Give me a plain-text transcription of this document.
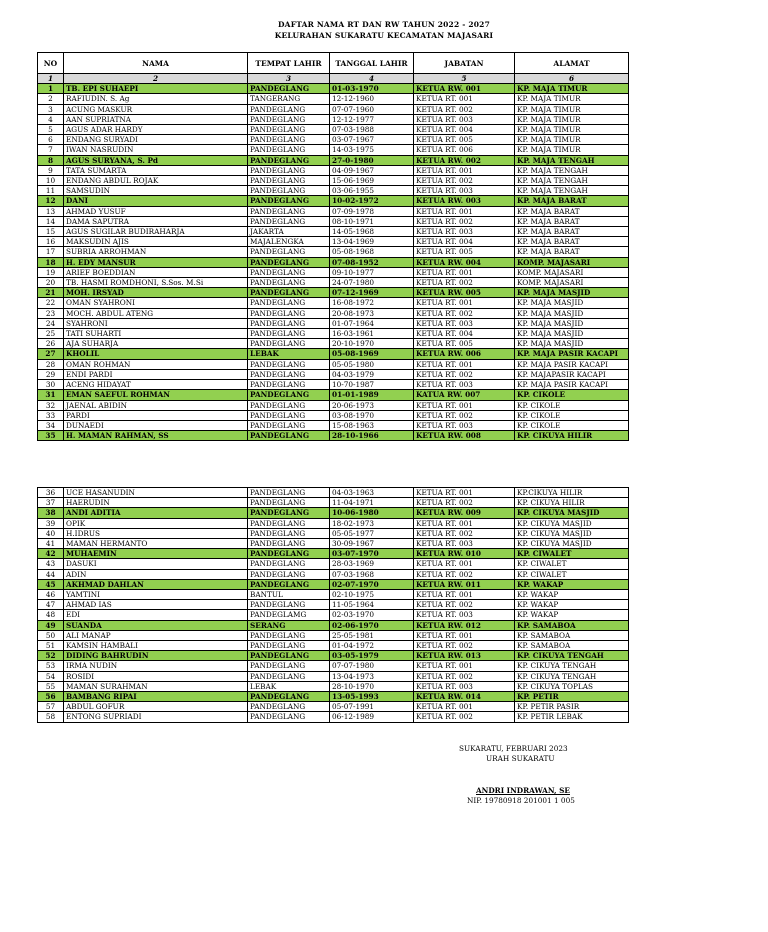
DAFTAR NAMA RT DAN RW TAHUN 2022 - 2027
KELURAHAN SUKARATU KECAMATAN MAJASARI
NO	NAMA	TEMPAT LAHIR	TANGGAL LAHIR	JABATAN	ALAMAT
1	2	3	4	5	6
1	TB. EPI SUHAEPI	PANDEGLANG	01-03-1970	KETUA RW. 001	KP. MAJA TIMUR
2	RAFIUDIN. S. Ag	TANGERANG	12-12-1960	KETUA RT. 001	KP. MAJA TIMUR
3	ACUNG MASKUR	PANDEGLANG	07-07-1960	KETUA RT. 002	KP. MAJA TIMUR
4	AAN SUPRIATNA	PANDEGLANG	12-12-1977	KETUA RT. 003	KP. MAJA TIMUR
5	AGUS ADAR HARDY	PANDEGLANG	07-03-1988	KETUA RT. 004	KP. MAJA TIMUR
6	ENDANG SURYADI	PANDEGLANG	03-07-1967	KETUA RT. 005	KP. MAJA TIMUR
7	IWAN NASRUDIN	PANDEGLANG	14-03-1975	KETUA RT. 006	KP. MAJA TIMUR
8	AGUS SURYANA, S. Pd	PANDEGLANG	27-0-1980	KETUA RW. 002	KP. MAJA TENGAH
9	TATA SUMARTA	PANDEGLANG	04-09-1967	KETUA RT. 001	KP. MAJA TENGAH
10	ENDANG ABDUL ROJAK	PANDEGLANG	15-06-1969	KETUA RT. 002	KP. MAJA TENGAH
11	SAMSUDIN	PANDEGLANG	03-06-1955	KETUA RT. 003	KP. MAJA TENGAH
12	DANI	PANDEGLANG	10-02-1972	KETUA RW. 003	KP. MAJA BARAT
13	AHMAD YUSUF	PANDEGLANG	07-09-1978	KETUA RT. 001	KP. MAJA BARAT
14	DAMA SAPUTRA	PANDEGLANG	08-10-1971	KETUA RT. 002	KP. MAJA BARAT
15	AGUS SUGILAR BUDIRAHARJA	JAKARTA	14-05-1968	KETUA RT. 003	KP. MAJA BARAT
16	MAKSUDIN AJIS	MAJALENGKA	13-04-1969	KETUA RT. 004	KP. MAJA BARAT
17	SUBRIA ARROHMAN	PANDEGLANG	05-08-1968	KETUA RT. 005	KP. MAJA BARAT
18	H. EDY MANSUR	PANDEGLANG	07-08-1952	KETUA RW. 004	KOMP. MAJASARI
19	ARIEF BOEDDIAN	PANDEGLANG	09-10-1977	KETUA RT. 001	KOMP. MAJASARI
20	TB. HASMI ROMDHONI, S.Sos. M.Si	PANDEGLANG	24-07-1980	KETUA RT. 002	KOMP. MAJASARI
21	MOH. IRSYAD	PANDEGLANG	07-12-1969	KETUA RW. 005	KP. MAJA MASJID
22	OMAN SYAHRONI	PANDEGLANG	16-08-1972	KETUA RT. 001	KP. MAJA MASJID
23	MOCH. ABDUL ATENG	PANDEGLANG	20-08-1973	KETUA RT. 002	KP. MAJA MASJID
24	SYAHRONI	PANDEGLANG	01-07-1964	KETUA RT. 003	KP. MAJA MASJID
25	TATI SUHARTI	PANDEGLANG	16-03-1961	KETUA RT. 004	KP. MAJA MASJID
26	AJA SUHARJA	PANDEGLANG	20-10-1970	KETUA RT. 005	KP. MAJA MASJID
27	KHOLIL	LEBAK	05-08-1969	KETUA RW. 006	KP. MAJA PASIR KACAPI
28	OMAN ROHMAN	PANDEGLANG	05-05-1980	KETUA RT. 001	KP. MAJA PASIR KACAPI
29	ENDI PARDI	PANDEGLANG	04-03-1979	KETUA RT. 002	KP. MAJAPASIR KACAPI
30	ACENG HIDAYAT	PANDEGLANG	10-70-1987	KETUA RT. 003	KP. MAJA PASIR KACAPI
31	EMAN SAEFUL ROHMAN	PANDEGLANG	01-01-1989	KATUA RW. 007	KP. CIKOLE
32	JAENAL ABIDIN	PANDEGLANG	20-06-1973	KETUA RT. 001	KP. CIKOLE
33	PARDI	PANDEGLANG	03-08-1970	KETUA RT. 002	KP. CIKOLE
34	DUNAEDI	PANDEGLANG	15-08-1963	KETUA RT. 003	KP. CIKOLE
35	H. MAMAN RAHMAN, SS	PANDEGLANG	28-10-1966	KETUA RW. 008	KP. CIKUYA HILIR
36	UCE HASANUDIN	PANDEGLANG	04-03-1963	KETUA RT. 001	KP.CIKUYA HILIR
37	HAERUDIN	PANDEGLANG	11-04-1971	KETUA RT. 002	KP. CIKUYA HILIR
38	ANDI ADITIA	PANDEGLANG	10-06-1980	KETUA RW. 009	KP. CIKUYA MASJID
39	OPIK	PANDEGLANG	18-02-1973	KETUA RT. 001	KP. CIKUYA MASJID
40	H.IDRUS	PANDEGLANG	05-05-1977	KETUA RT. 002	KP. CIKUYA MASJID
41	MAMAN HERMANTO	PANDEGLANG	30-09-1967	KETUA RT. 003	KP. CIKUYA MASJID
42	MUHAEMIN	PANDEGLANG	03-07-1970	KETUA RW. 010	KP. CIWALET
43	DASUKI	PANDEGLANG	28-03-1969	KETUA RT. 001	KP. CIWALET
44	ADIN	PANDEGLANG	07-03-1968	KETUA RT. 002	KP. CIWALET
45	AKHMAD DAHLAN	PANDEGLANG	02-07-1970	KETUA RW. 011	KP. WAKAP
46	YAMTINI	BANTUL	02-10-1975	KETUA RT. 001	KP. WAKAP
47	AHMAD IAS	PANDEGLANG	11-05-1964	KETUA RT. 002	KP. WAKAP
48	EDI	PANDEGLAMG	02-03-1970	KETUA RT. 003	KP. WAKAP
49	SUANDA	SERANG	02-06-1970	KETUA RW. 012	KP. SAMABOA
50	ALI MANAP	PANDEGLANG	25-05-1981	KETUA RT. 001	KP. SAMABOA
51	KAMSIN HAMBALI	PANDEGLANG	01-04-1972	KETUA RT. 002	KP. SAMABOA
52	DIDING BAHRUDIN	PANDEGLANG	03-05-1979	KETUA RW. 013	KP. CIKUYA TENGAH
53	IRMA NUDIN	PANDEGLANG	07-07-1980	KETUA RT. 001	KP. CIKUYA TENGAH
54	ROSIDI	PANDEGLANG	13-04-1973	KETUA RT. 002	KP. CIKUYA TENGAH
55	MAMAN SURAHMAN	LEBAK	28-10-1970	KETUA RT. 003	KP. CIKUYA TOPLAS
56	BAMBANG RIPAI	PANDEGLANG	13-05-1993	KETUA RW. 014	KP. PETIR
57	ABDUL GOFUR	PANDEGLANG	05-07-1991	KETUA RT. 001	KP. PETIR PASIR
58	ENTONG SUPRIADI	PANDEGLANG	06-12-1989	KETUA RT. 002	KP. PETIR LEBAK
SUKARATU, FEBRUARI 2023
URAH SUKARATU
ANDRI INDRAWAN, SE
NIP. 19780918 201001 1 005
